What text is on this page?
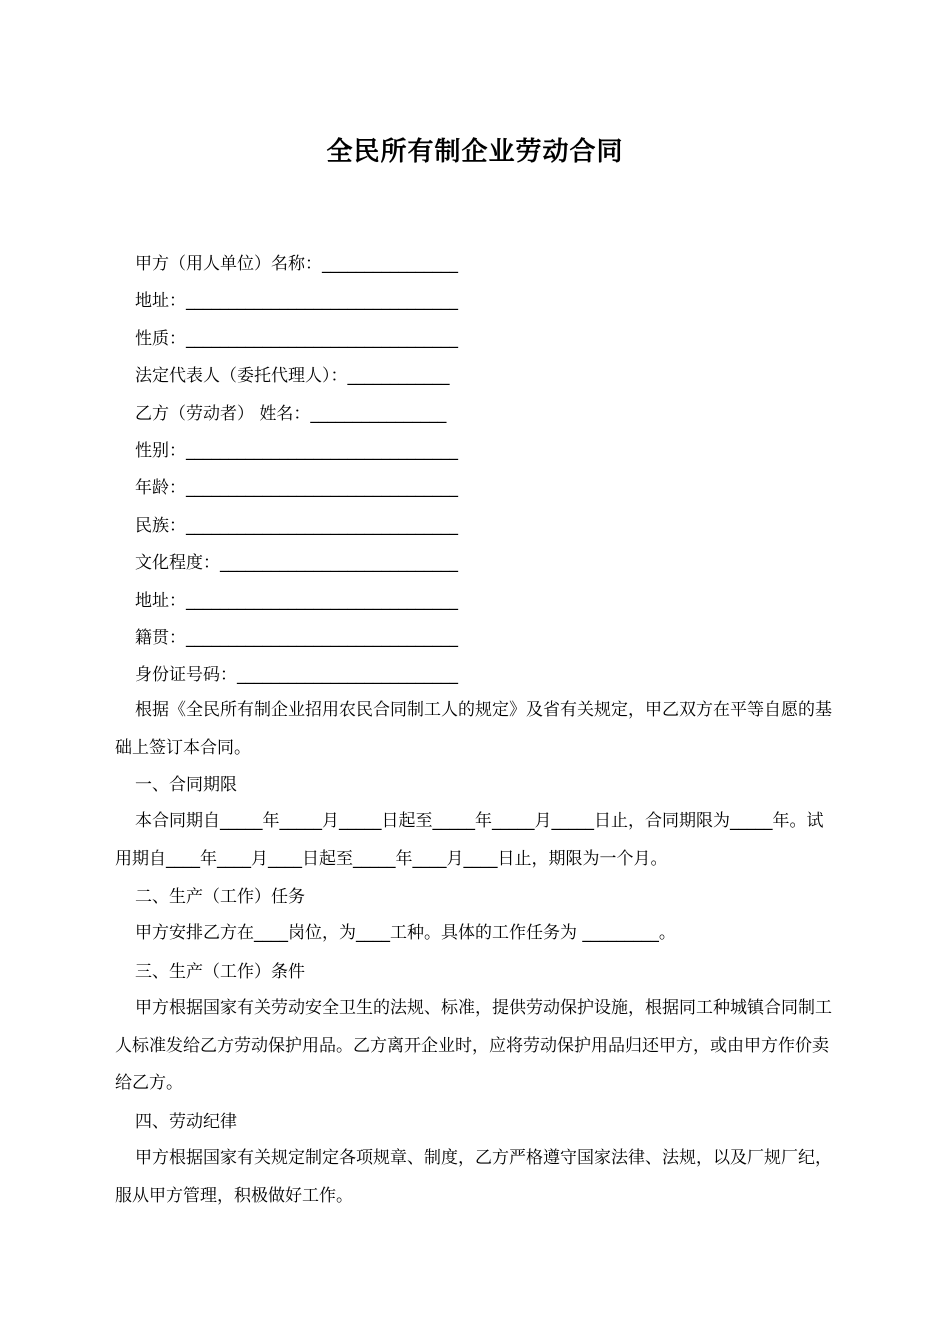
全民所有制企业劳动合同
甲方（用人单位）名称：________________
地址：________________________________
性质：________________________________
法定代表人（委托代理人）：____________
乙方（劳动者） 姓名：________________
性别：________________________________
年龄：________________________________
民族：________________________________
文化程度：____________________________
地址：________________________________
籍贯：________________________________
身份证号码：__________________________
根据《全民所有制企业招用农民合同制工人的规定》及省有关规定，甲乙双方在平等自愿的基础上签订本合同。
一、合同期限
本合同期自_____年_____月_____日起至_____年_____月_____日止，合同期限为_____年。试用期自____年____月____日起至_____年____月____日止，期限为一个月。
二、生产（工作）任务
甲方安排乙方在____岗位，为____工种。具体的工作任务为 _________。
三、生产（工作）条件
甲方根据国家有关劳动安全卫生的法规、标准，提供劳动保护设施，根据同工种城镇合同制工人标准发给乙方劳动保护用品。乙方离开企业时，应将劳动保护用品归还甲方，或由甲方作价卖给乙方。
四、劳动纪律
甲方根据国家有关规定制定各项规章、制度，乙方严格遵守国家法律、法规，以及厂规厂纪，服从甲方管理，积极做好工作。
